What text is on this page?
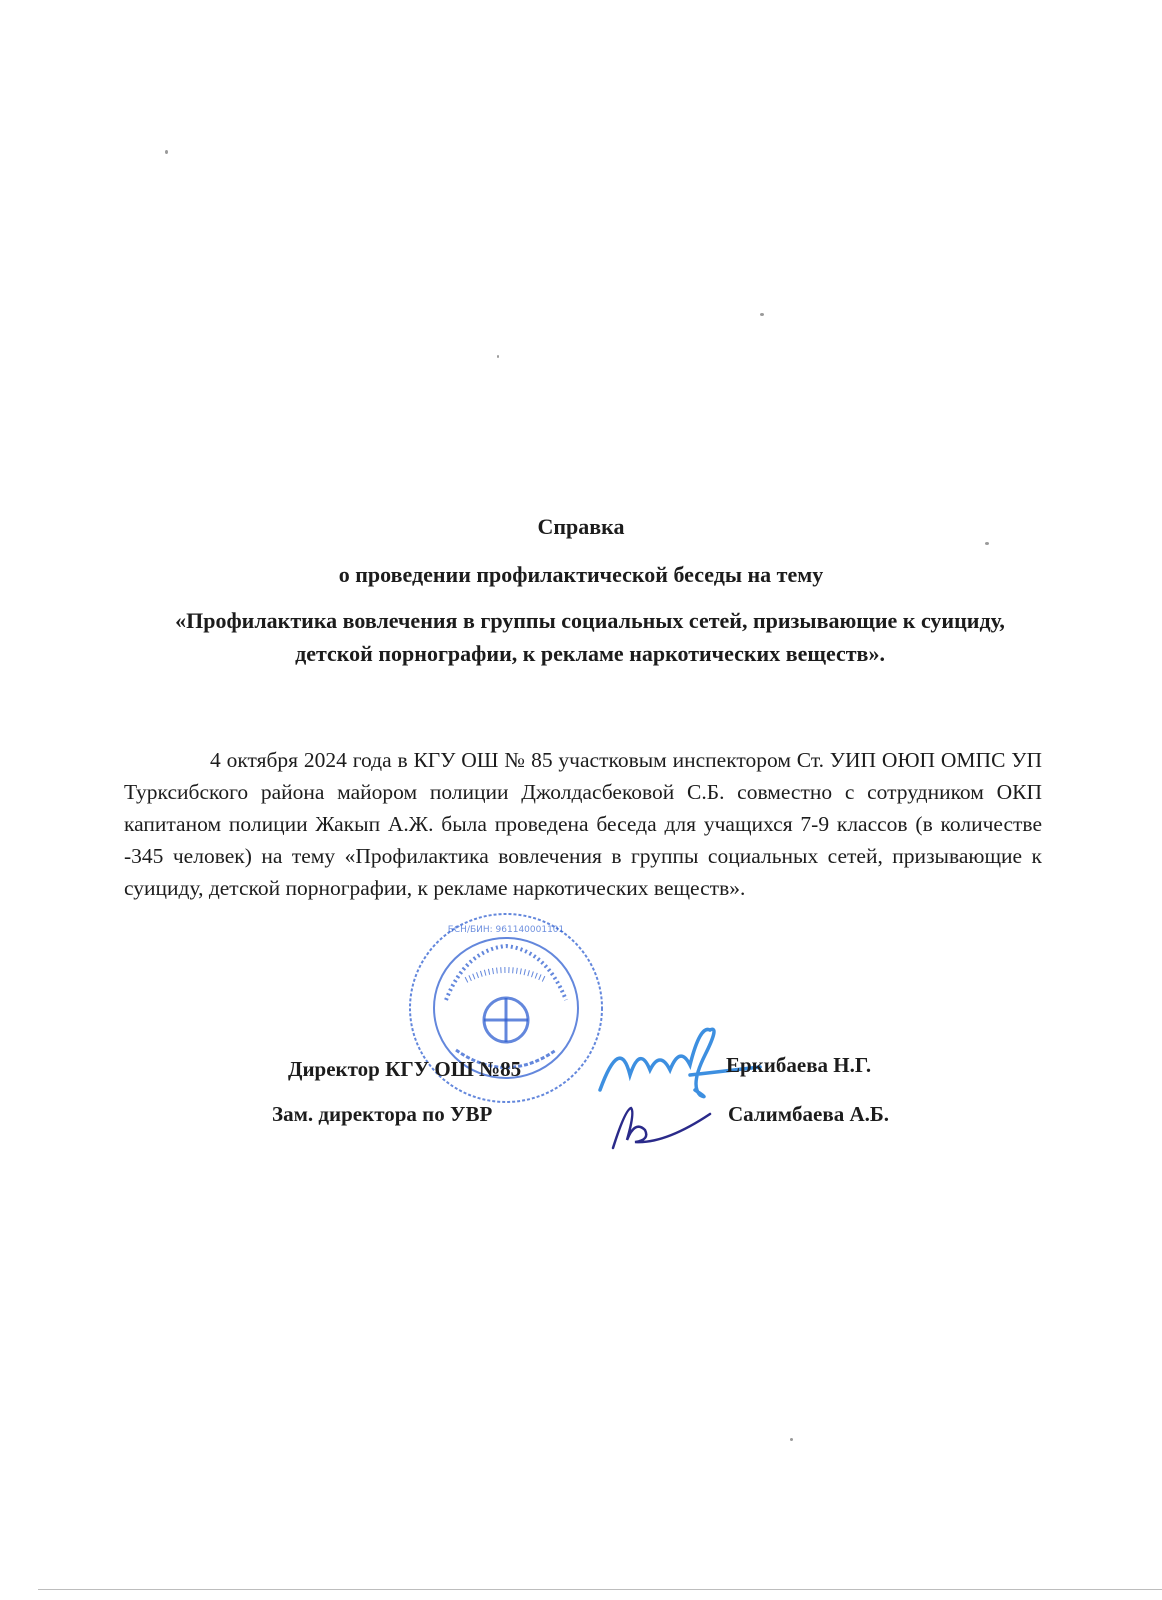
Справка
о проведении профилактической беседы на тему
«Профилактика вовлечения в группы социальных сетей, призывающие к суициду, детской порнографии, к рекламе наркотических веществ».
4 октября 2024 года в КГУ ОШ № 85 участковым инспектором Ст. УИП ОЮП ОМПС УП Турксибского района майором полиции Джолдасбековой С.Б. совместно с сотрудником ОКП капитаном полиции Жакып А.Ж. была проведена беседа для учащихся 7-9 классов (в количестве -345 человек) на тему «Профилактика вовлечения в группы социальных сетей, призывающие к суициду, детской порнографии, к рекламе наркотических веществ».
БСН/БИН: 961140001101
Директор КГУ ОШ №85	Еркибаева Н.Г.
Зам. директора по УВР	Салимбаева А.Б.
